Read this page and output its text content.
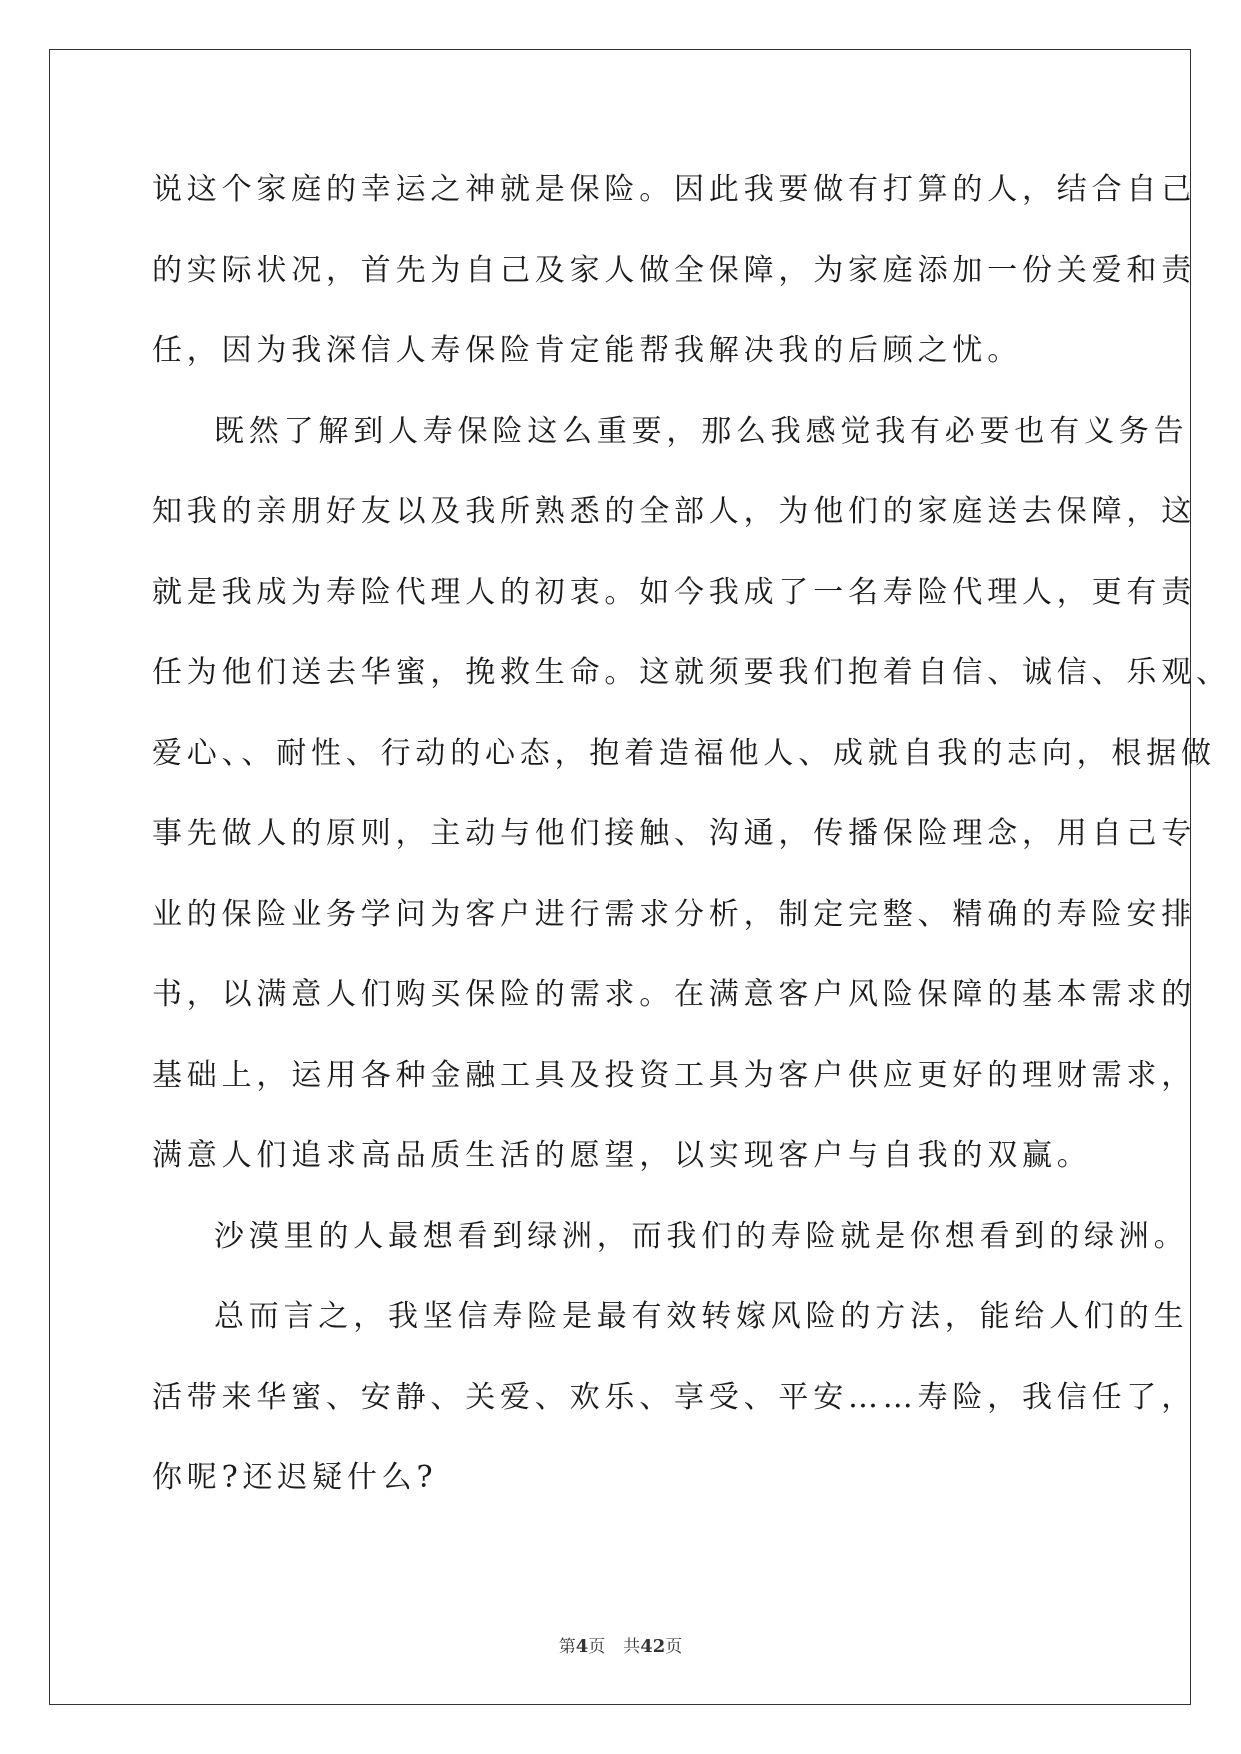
说这个家庭的幸运之神就是保险。因此我要做有打算的人，结合自己
的实际状况，首先为自己及家人做全保障，为家庭添加一份关爱和责
任，因为我深信人寿保险肯定能帮我解决我的后顾之忧。
既然了解到人寿保险这么重要，那么我感觉我有必要也有义务告
知我的亲朋好友以及我所熟悉的全部人，为他们的家庭送去保障，这
就是我成为寿险代理人的初衷。如今我成了一名寿险代理人，更有责
任为他们送去华蜜，挽救生命。这就须要我们抱着自信、诚信、乐观、
爱心、、耐性、行动的心态，抱着造福他人、成就自我的志向，根据做
事先做人的原则，主动与他们接触、沟通，传播保险理念，用自己专
业的保险业务学问为客户进行需求分析，制定完整、精确的寿险安排
书，以满意人们购买保险的需求。在满意客户风险保障的基本需求的
基础上，运用各种金融工具及投资工具为客户供应更好的理财需求，
满意人们追求高品质生活的愿望，以实现客户与自我的双赢。
沙漠里的人最想看到绿洲，而我们的寿险就是你想看到的绿洲。
总而言之，我坚信寿险是最有效转嫁风险的方法，能给人们的生
活带来华蜜、安静、关爱、欢乐、享受、平安……寿险，我信任了，
你呢?还迟疑什么?
第4页 共42页
